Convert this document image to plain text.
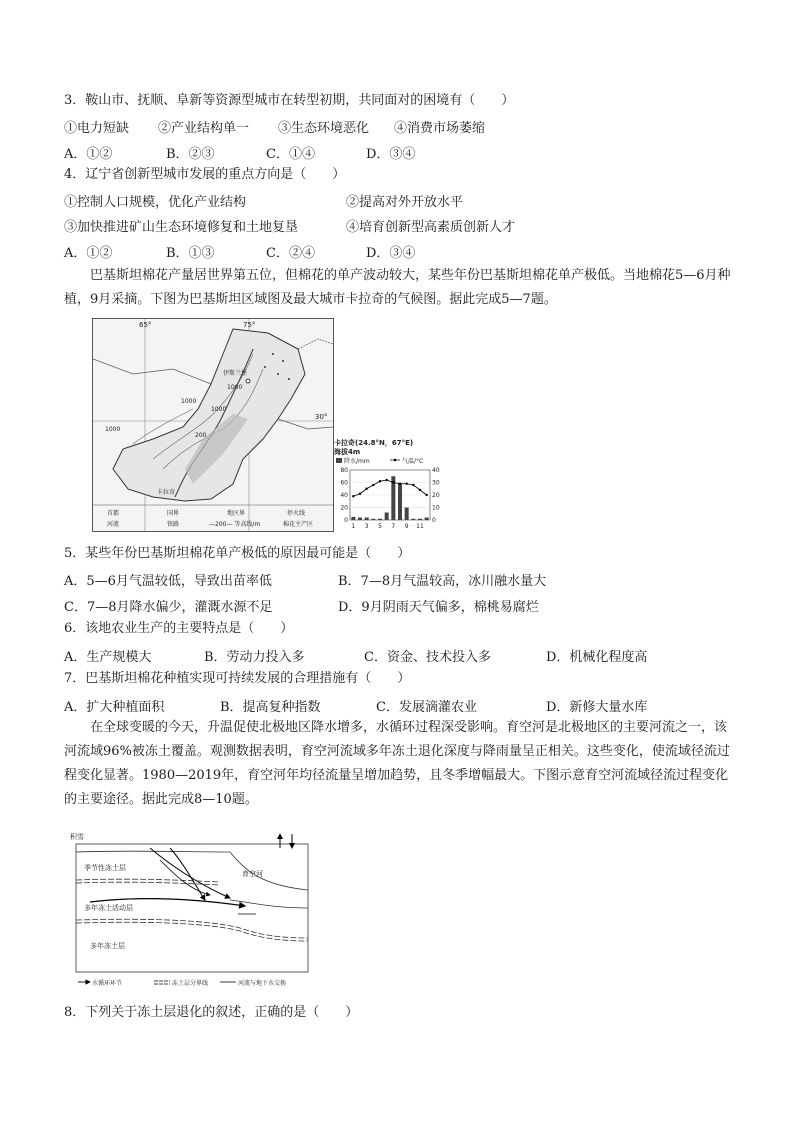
3．鞍山市、抚顺、阜新等资源型城市在转型初期，共同面对的困境有（　　）
①电力短缺 ②产业结构单一 ③生态环境恶化 ④消费市场萎缩
A．①②	B．②③	C．①④	D．③④
4．辽宁省创新型城市发展的重点方向是（　　）
①控制人口规模，优化产业结构	②提高对外开放水平
③加快推进矿山生态环境修复和土地复垦	④培育创新型高素质创新人才
A．①②	B．①③	C．②④	D．③④
巴基斯坦棉花产量居世界第五位，但棉花的单产波动较大，某些年份巴基斯坦棉花单产极低。当地棉花5—6月种植，9月采摘。下图为巴基斯坦区域图及最大城市卡拉奇的气候图。据此完成5—7题。
65°	75°
30°
1000
1000
200
1000
1000
伊斯兰堡
卡拉奇
首都	国界	地区界	停火线
河流	铁路	—200— 等高线/m	棉花主产区
卡拉奇(24.8°N，67°E)
海拔4m
降水/mm	气温/°C
80
60
40
20
0
40
30
20
10
0
1 3 5 7 9 11
5．某些年份巴基斯坦棉花单产极低的原因最可能是（　　）
A．5—6月气温较低，导致出苗率低	B．7—8月气温较高，冰川融水量大
C．7—8月降水偏少，灌溉水源不足	D．9月阴雨天气偏多，棉桃易腐烂
6．该地农业生产的主要特点是（　　）
A．生产规模大	B．劳动力投入多	C．资金、技术投入多	D．机械化程度高
7．巴基斯坦棉花种植实现可持续发展的合理措施有（　　）
A．扩大种植面积	B．提高复种指数	C．发展滴灌农业	D．新修大量水库
在全球变暖的今天，升温促使北极地区降水增多，水循环过程深受影响。育空河是北极地区的主要河流之一，该河流域96%被冻土覆盖。观测数据表明，育空河流域多年冻土退化深度与降雨量呈正相关。这些变化，使流域径流过程变化显著。1980—2019年，育空河年均径流量呈增加趋势，且冬季增幅最大。下图示意育空河流域径流过程变化的主要途径。据此完成8—10题。
积雪
育空河
季节性冻土层
多年冻土活动层
多年冻土层
水循环环节	冻土层分界线	河流与地下水交换
8．下列关于冻土层退化的叙述，正确的是（　　）
